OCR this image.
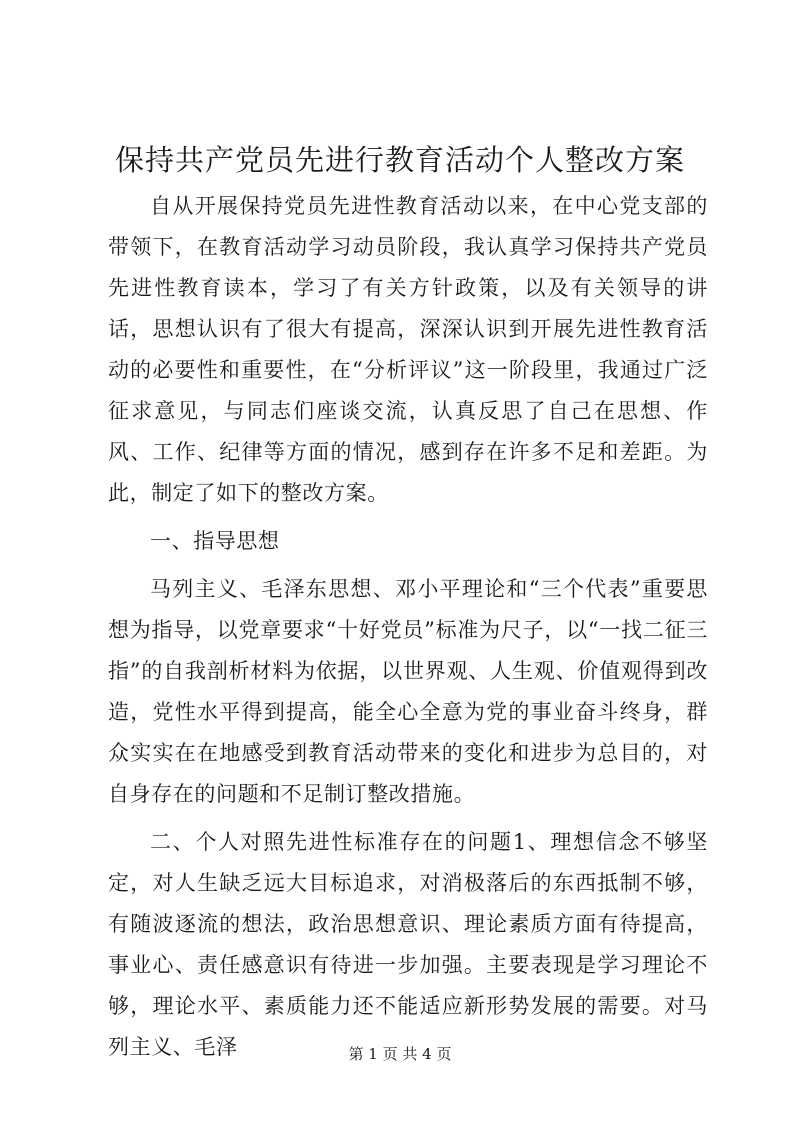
保持共产党员先进行教育活动个人整改方案

自从开展保持党员先进性教育活动以来，在中心党支部的带领下，在教育活动学习动员阶段，我认真学习保持共产党员先进性教育读本，学习了有关方针政策，以及有关领导的讲话，思想认识有了很大有提高，深深认识到开展先进性教育活动的必要性和重要性，在“分析评议”这一阶段里，我通过广泛征求意见，与同志们座谈交流，认真反思了自己在思想、作风、工作、纪律等方面的情况，感到存在许多不足和差距。为此，制定了如下的整改方案。

一、指导思想

马列主义、毛泽东思想、邓小平理论和“三个代表”重要思想为指导，以党章要求“十好党员”标准为尺子，以“一找二征三指”的自我剖析材料为依据，以世界观、人生观、价值观得到改造，党性水平得到提高，能全心全意为党的事业奋斗终身，群众实实在在地感受到教育活动带来的变化和进步为总目的，对自身存在的问题和不足制订整改措施。

二、个人对照先进性标准存在的问题1、理想信念不够坚定，对人生缺乏远大目标追求，对消极落后的东西抵制不够，有随波逐流的想法，政治思想意识、理论素质方面有待提高，事业心、责任感意识有待进一步加强。主要表现是学习理论不够，理论水平、素质能力还不能适应新形势发展的需要。对马列主义、毛泽	第 1 页 共 4 页
